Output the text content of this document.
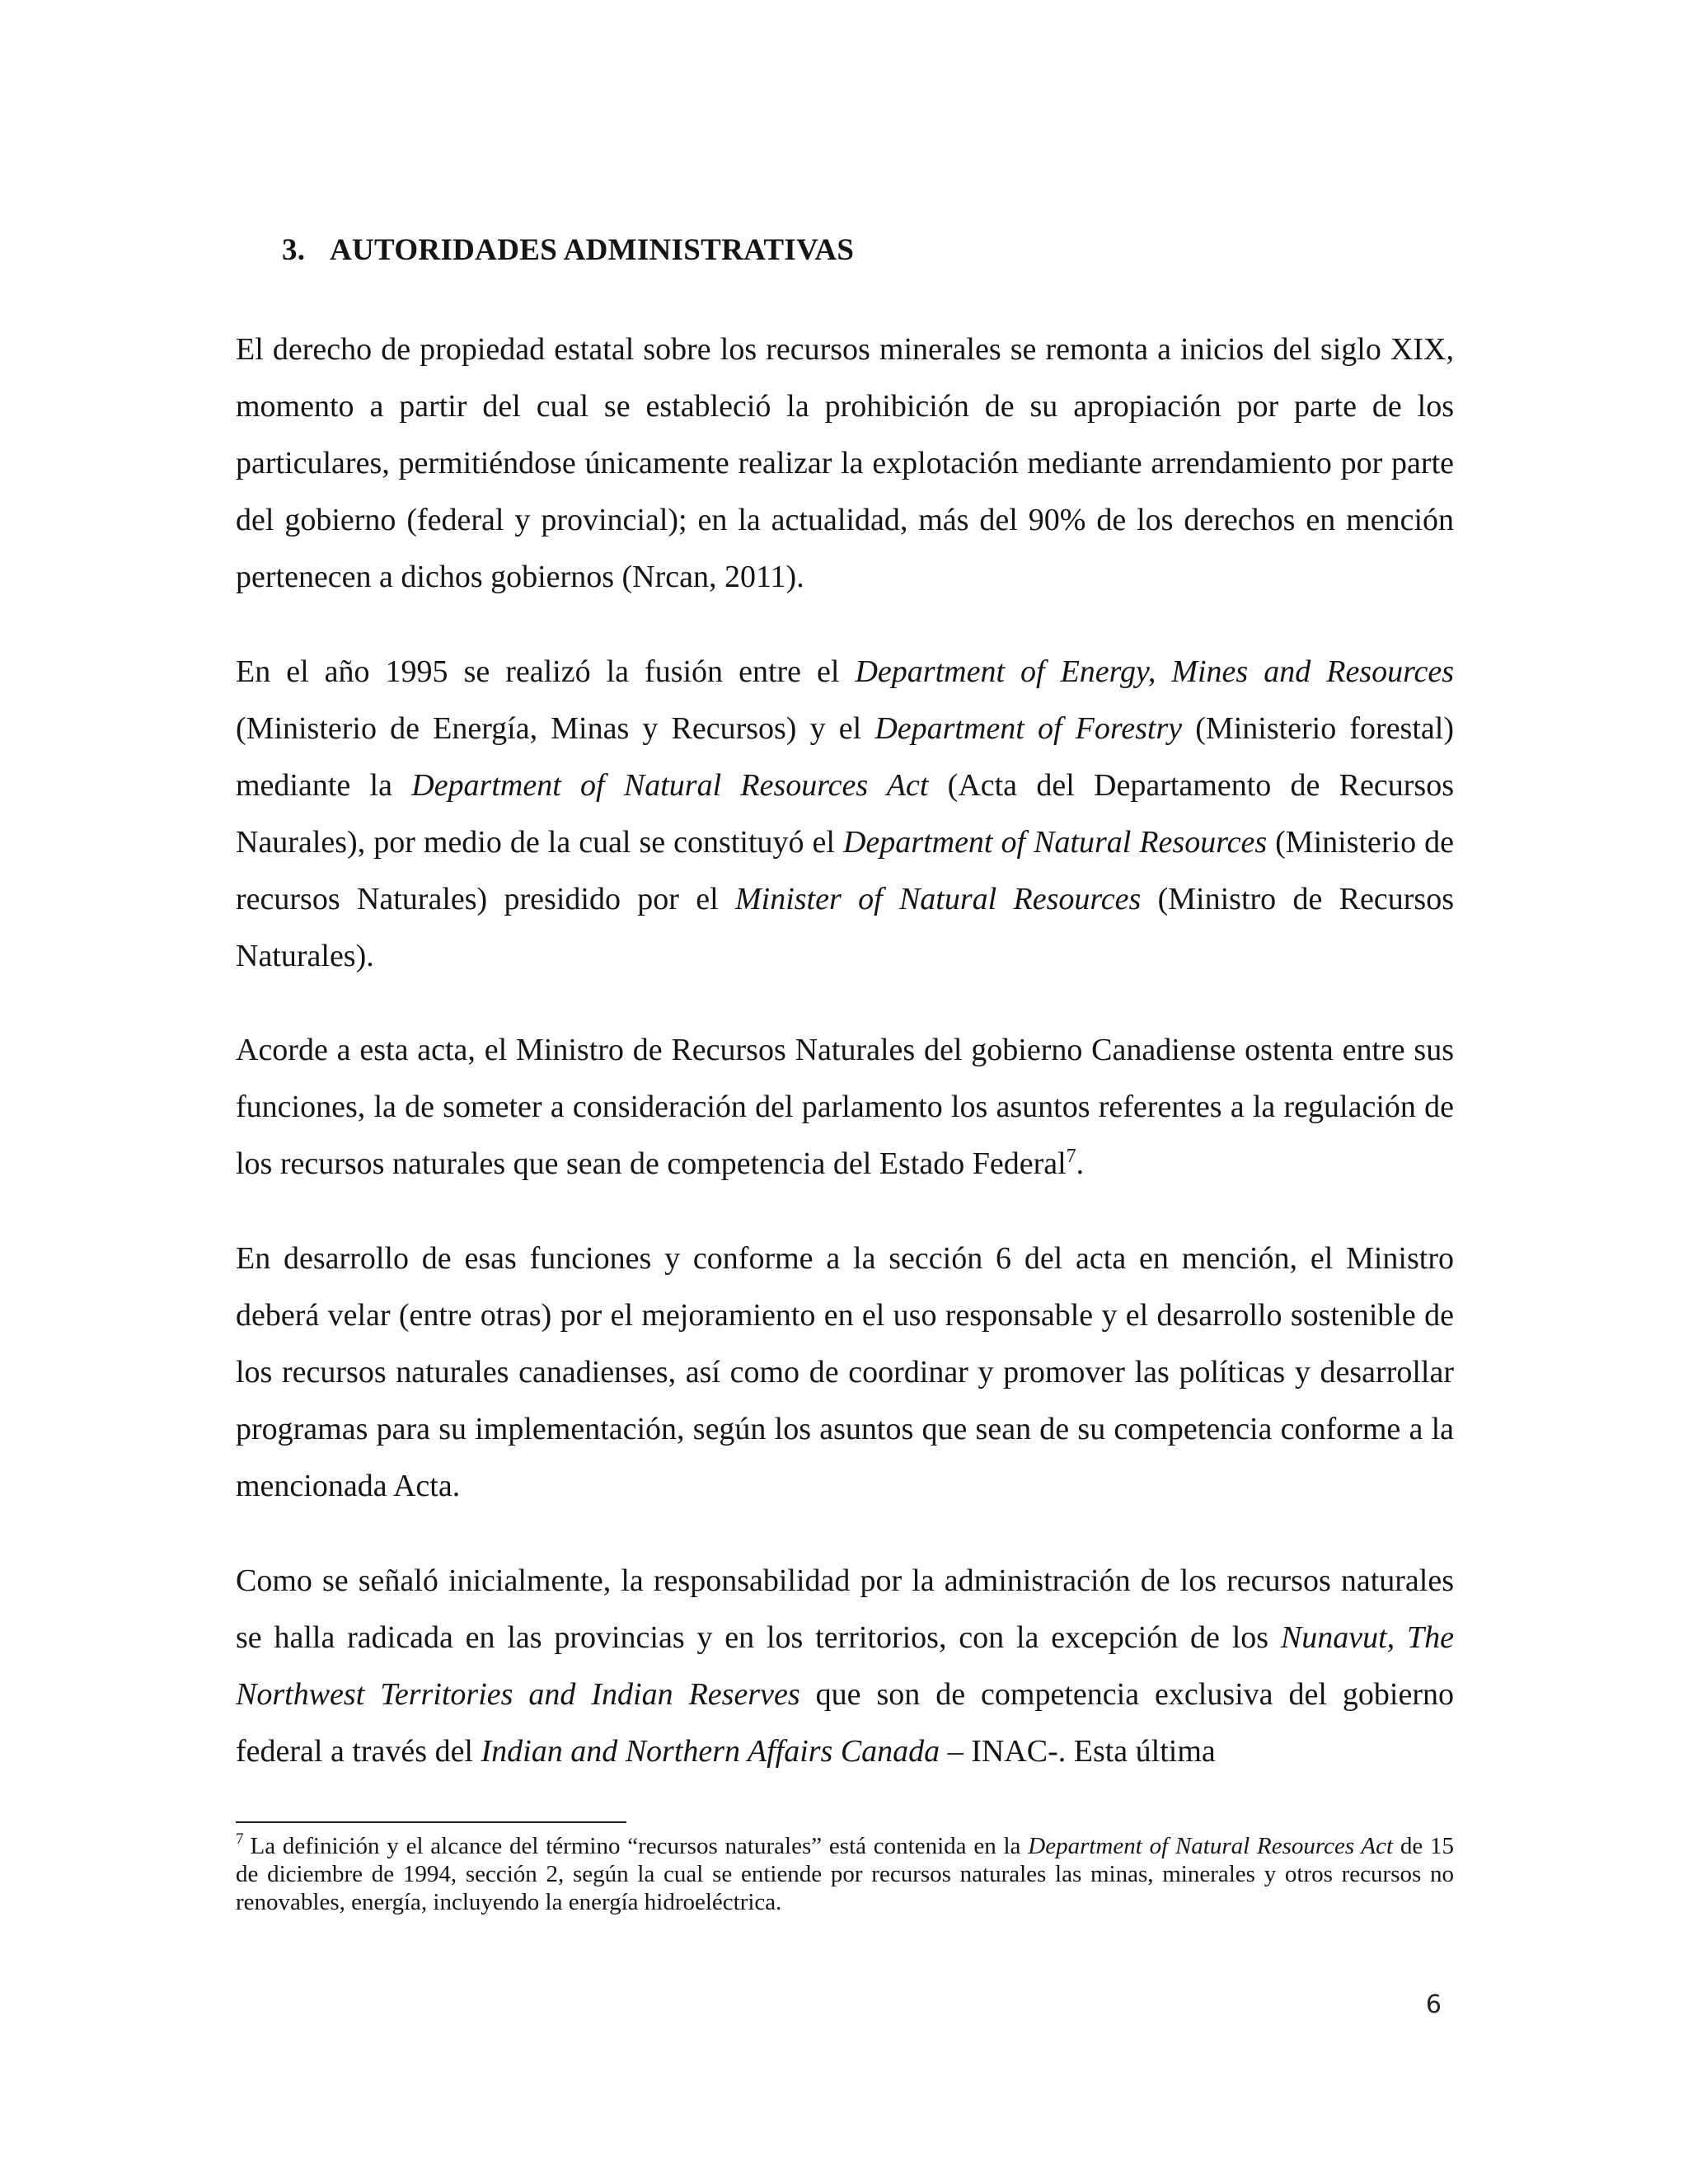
3. AUTORIDADES ADMINISTRATIVAS

El derecho de propiedad estatal sobre los recursos minerales se remonta a inicios del siglo XIX, momento a partir del cual se estableció la prohibición de su apropiación por parte de los particulares, permitiéndose únicamente realizar la explotación mediante arrendamiento por parte del gobierno (federal y provincial); en la actualidad, más del 90% de los derechos en mención pertenecen a dichos gobiernos (Nrcan, 2011).

En el año 1995 se realizó la fusión entre el Department of Energy, Mines and Resources (Ministerio de Energía, Minas y Recursos) y el Department of Forestry (Ministerio forestal) mediante la Department of Natural Resources Act (Acta del Departamento de Recursos Naurales), por medio de la cual se constituyó el Department of Natural Resources (Ministerio de recursos Naturales) presidido por el Minister of Natural Resources (Ministro de Recursos Naturales).

Acorde a esta acta, el Ministro de Recursos Naturales del gobierno Canadiense ostenta entre sus funciones, la de someter a consideración del parlamento los asuntos referentes a la regulación de los recursos naturales que sean de competencia del Estado Federal$^7$.

En desarrollo de esas funciones y conforme a la sección 6 del acta en mención, el Ministro deberá velar (entre otras) por el mejoramiento en el uso responsable y el desarrollo sostenible de los recursos naturales canadienses, así como de coordinar y promover las políticas y desarrollar programas para su implementación, según los asuntos que sean de su competencia conforme a la mencionada Acta.

Como se señaló inicialmente, la responsabilidad por la administración de los recursos naturales se halla radicada en las provincias y en los territorios, con la excepción de los Nunavut, The Northwest Territories and Indian Reserves que son de competencia exclusiva del gobierno federal a través del Indian and Northern Affairs Canada – INAC-. Esta última

$^7$ La definición y el alcance del término “recursos naturales” está contenida en la Department of Natural Resources Act de 15 de diciembre de 1994, sección 2, según la cual se entiende por recursos naturales las minas, minerales y otros recursos no renovables, energía, incluyendo la energía hidroeléctrica.

6
